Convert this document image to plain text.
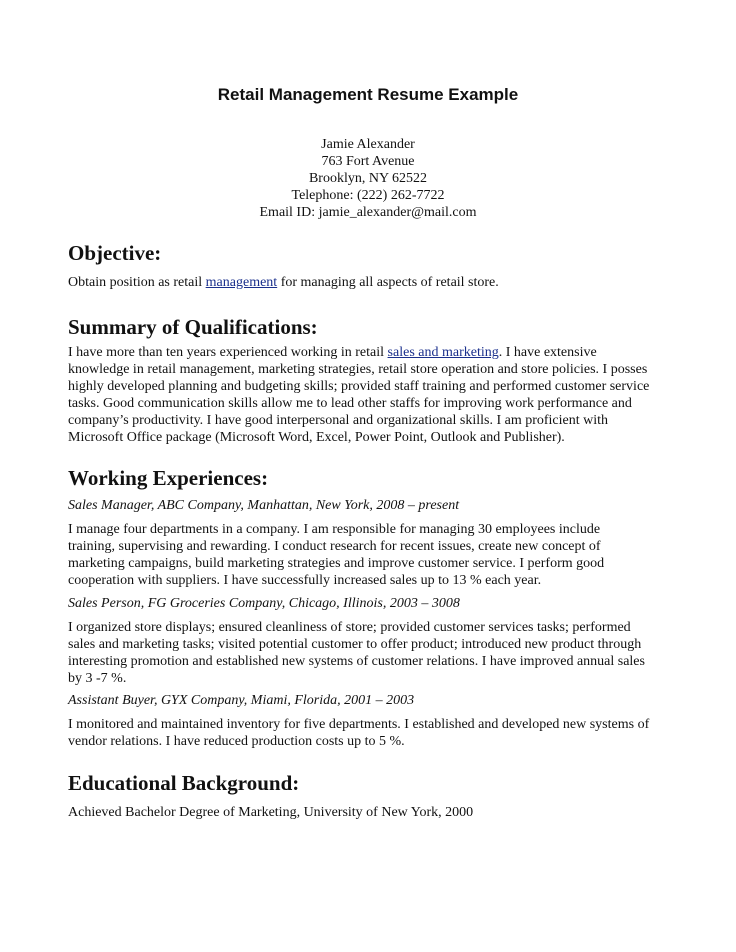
Retail Management Resume Example
Jamie Alexander
763 Fort Avenue
Brooklyn, NY 62522
Telephone: (222) 262-7722
Email ID: jamie_alexander@mail.com
Objective:
Obtain position as retail management for managing all aspects of retail store.
Summary of Qualifications:
I have more than ten years experienced working in retail sales and marketing. I have extensive
knowledge in retail management, marketing strategies, retail store operation and store policies. I posses
highly developed planning and budgeting skills; provided staff training and performed customer service
tasks. Good communication skills allow me to lead other staffs for improving work performance and
company’s productivity. I have good interpersonal and organizational skills. I am proficient with
Microsoft Office package (Microsoft Word, Excel, Power Point, Outlook and Publisher).
Working Experiences:
Sales Manager, ABC Company, Manhattan, New York, 2008 – present
I manage four departments in a company. I am responsible for managing 30 employees include
training, supervising and rewarding. I conduct research for recent issues, create new concept of
marketing campaigns, build marketing strategies and improve customer service. I perform good
cooperation with suppliers. I have successfully increased sales up to 13 % each year.
Sales Person, FG Groceries Company, Chicago, Illinois, 2003 – 3008
I organized store displays; ensured cleanliness of store; provided customer services tasks; performed
sales and marketing tasks; visited potential customer to offer product; introduced new product through
interesting promotion and established new systems of customer relations. I have improved annual sales
by 3 -7 %.
Assistant Buyer, GYX Company, Miami, Florida, 2001 – 2003
I monitored and maintained inventory for five departments. I established and developed new systems of
vendor relations. I have reduced production costs up to 5 %.
Educational Background:
Achieved Bachelor Degree of Marketing, University of New York, 2000
